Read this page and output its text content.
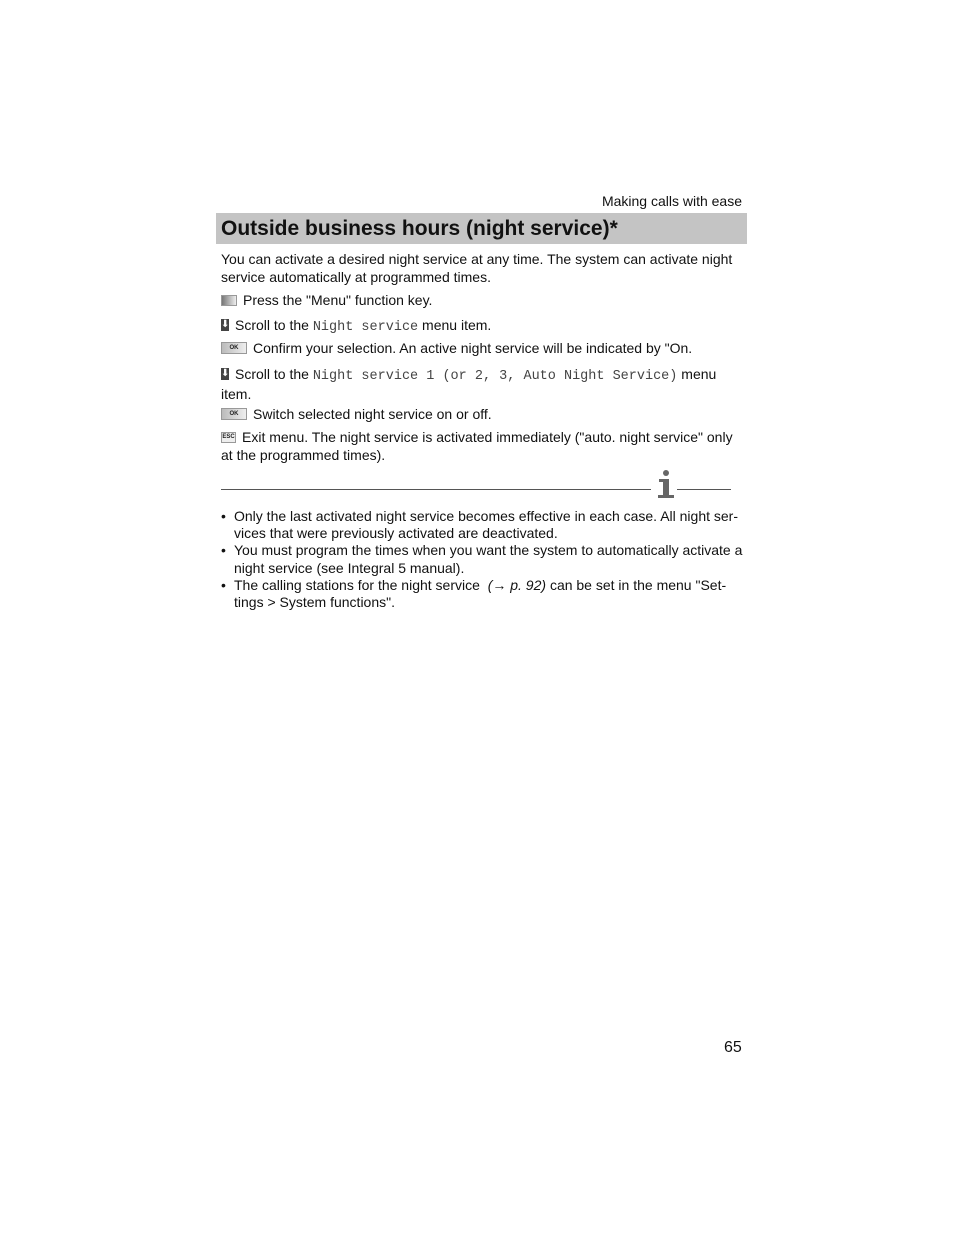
Making calls with ease
Outside business hours (night service)*
You can activate a desired night service at any time. The system can activate night service automatically at programmed times.
Press the "Menu" function key.
⬇ Scroll to the Night service menu item.
OK Confirm your selection. An active night service will be indicated by "On.
⬇ Scroll to the Night service 1 (or 2, 3, Auto Night Service) menu item.
OK Switch selected night service on or off.
ESC Exit menu. The night service is activated immediately ("auto. night service" only at the programmed times).
• Only the last activated night service becomes effective in each case. All night ser-vices that were previously activated are deactivated.
• You must program the times when you want the system to automatically activate a night service (see Integral 5 manual).
• The calling stations for the night service (→ p. 92) can be set in the menu "Set-tings > System functions".
65
